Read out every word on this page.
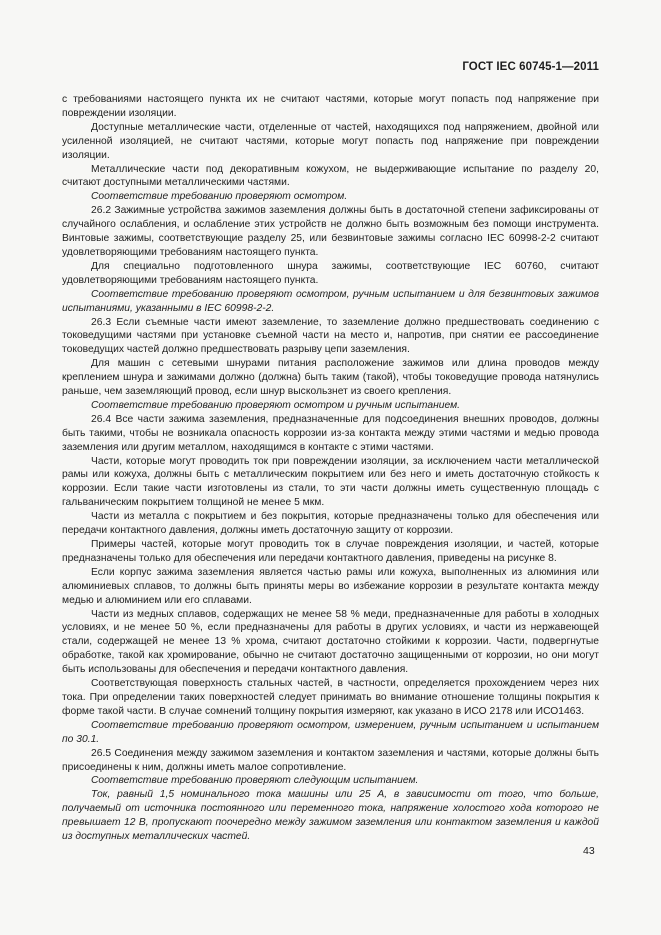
ГОСТ IEC 60745-1—2011

с требованиями настоящего пункта их не считают частями, которые могут попасть под напряжение при повреждении изоляции.

Доступные металлические части, отделенные от частей, находящихся под напряжением, двойной или усиленной изоляцией, не считают частями, которые могут попасть под напряжение при повреждении изоляции.

Металлические части под декоративным кожухом, не выдерживающие испытание по разделу 20, считают доступными металлическими частями.

Соответствие требованию проверяют осмотром.

26.2 Зажимные устройства зажимов заземления должны быть в достаточной степени зафиксированы от случайного ослабления, и ослабление этих устройств не должно быть возможным без помощи инструмента. Винтовые зажимы, соответствующие разделу 25, или безвинтовые зажимы согласно IEC 60998-2-2 считают удовлетворяющими требованиям настоящего пункта.

Для специально подготовленного шнура зажимы, соответствующие IEC 60760, считают удовлетворяющими требованиям настоящего пункта.

Соответствие требованию проверяют осмотром, ручным испытанием и для безвинтовых зажимов испытаниями, указанными в IEC 60998-2-2.

26.3 Если съемные части имеют заземление, то заземление должно предшествовать соединению с токоведущими частями при установке съемной части на место и, напротив, при снятии ее рассоединение токоведущих частей должно предшествовать разрыву цепи заземления.

Для машин с сетевыми шнурами питания расположение зажимов или длина проводов между креплением шнура и зажимами должно (должна) быть таким (такой), чтобы токоведущие провода натянулись раньше, чем заземляющий провод, если шнур выскользнет из своего крепления.

Соответствие требованию проверяют осмотром и ручным испытанием.

26.4 Все части зажима заземления, предназначенные для подсоединения внешних проводов, должны быть такими, чтобы не возникала опасность коррозии из-за контакта между этими частями и медью провода заземления или другим металлом, находящимся в контакте с этими частями.

Части, которые могут проводить ток при повреждении изоляции, за исключением части металлической рамы или кожуха, должны быть с металлическим покрытием или без него и иметь достаточную стойкость к коррозии. Если такие части изготовлены из стали, то эти части должны иметь существенную площадь с гальваническим покрытием толщиной не менее 5 мкм.

Части из металла с покрытием и без покрытия, которые предназначены только для обеспечения или передачи контактного давления, должны иметь достаточную защиту от коррозии.

Примеры частей, которые могут проводить ток в случае повреждения изоляции, и частей, которые предназначены только для обеспечения или передачи контактного давления, приведены на рисунке 8.

Если корпус зажима заземления является частью рамы или кожуха, выполненных из алюминия или алюминиевых сплавов, то должны быть приняты меры во избежание коррозии в результате контакта между медью и алюминием или его сплавами.

Части из медных сплавов, содержащих не менее 58 % меди, предназначенные для работы в холодных условиях, и не менее 50 %, если предназначены для работы в других условиях, и части из нержавеющей стали, содержащей не менее 13 % хрома, считают достаточно стойкими к коррозии. Части, подвергнутые обработке, такой как хромирование, обычно не считают достаточно защищенными от коррозии, но они могут быть использованы для обеспечения и передачи контактного давления.

Соответствующая поверхность стальных частей, в частности, определяется прохождением через них тока. При определении таких поверхностей следует принимать во внимание отношение толщины покрытия к форме такой части. В случае сомнений толщину покрытия измеряют, как указано в ИСО 2178 или ИСО1463.

Соответствие требованию проверяют осмотром, измерением, ручным испытанием и испытанием по 30.1.

26.5 Соединения между зажимом заземления и контактом заземления и частями, которые должны быть присоединены к ним, должны иметь малое сопротивление.

Соответствие требованию проверяют следующим испытанием.

Ток, равный 1,5 номинального тока машины или 25 А, в зависимости от того, что больше, получаемый от источника постоянного или переменного тока, напряжение холостого хода которого не превышает 12 В, пропускают поочередно между зажимом заземления или контактом заземления и каждой из доступных металлических частей.

43
